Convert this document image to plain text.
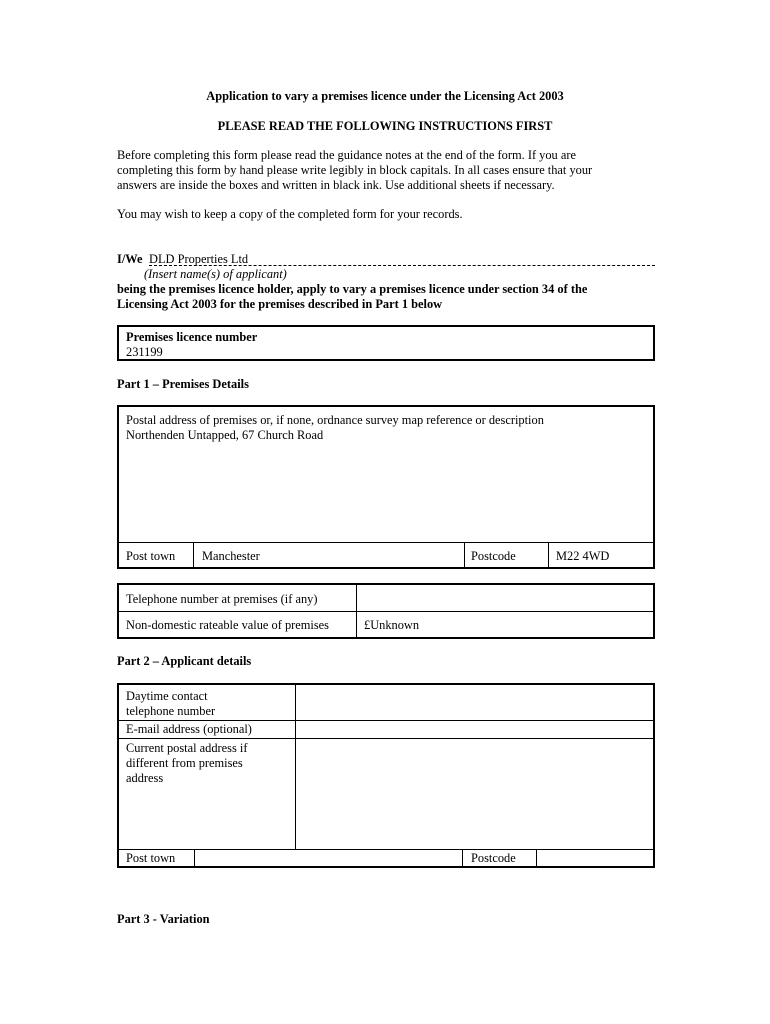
Application to vary a premises licence under the Licensing Act 2003
PLEASE READ THE FOLLOWING INSTRUCTIONS FIRST
Before completing this form please read the guidance notes at the end of the form. If you are
completing this form by hand please write legibly in block capitals. In all cases ensure that your
answers are inside the boxes and written in black ink. Use additional sheets if necessary.
You may wish to keep a copy of the completed form for your records.
I/We DLD Properties Ltd
(Insert name(s) of applicant)
being the premises licence holder, apply to vary a premises licence under section 34 of the
Licensing Act 2003 for the premises described in Part 1 below
Premises licence number
231199
Part 1 – Premises Details
Postal address of premises or, if none, ordnance survey map reference or description
Northenden Untapped, 67 Church Road
Post town Manchester	Postcode	M22 4WD
Telephone number at premises (if any)
Non-domestic rateable value of premises	£Unknown
Part 2 – Applicant details
Daytime contact
telephone number
E-mail address (optional)
Current postal address if
different from premises
address
Post town	Postcode
Part 3 - Variation
